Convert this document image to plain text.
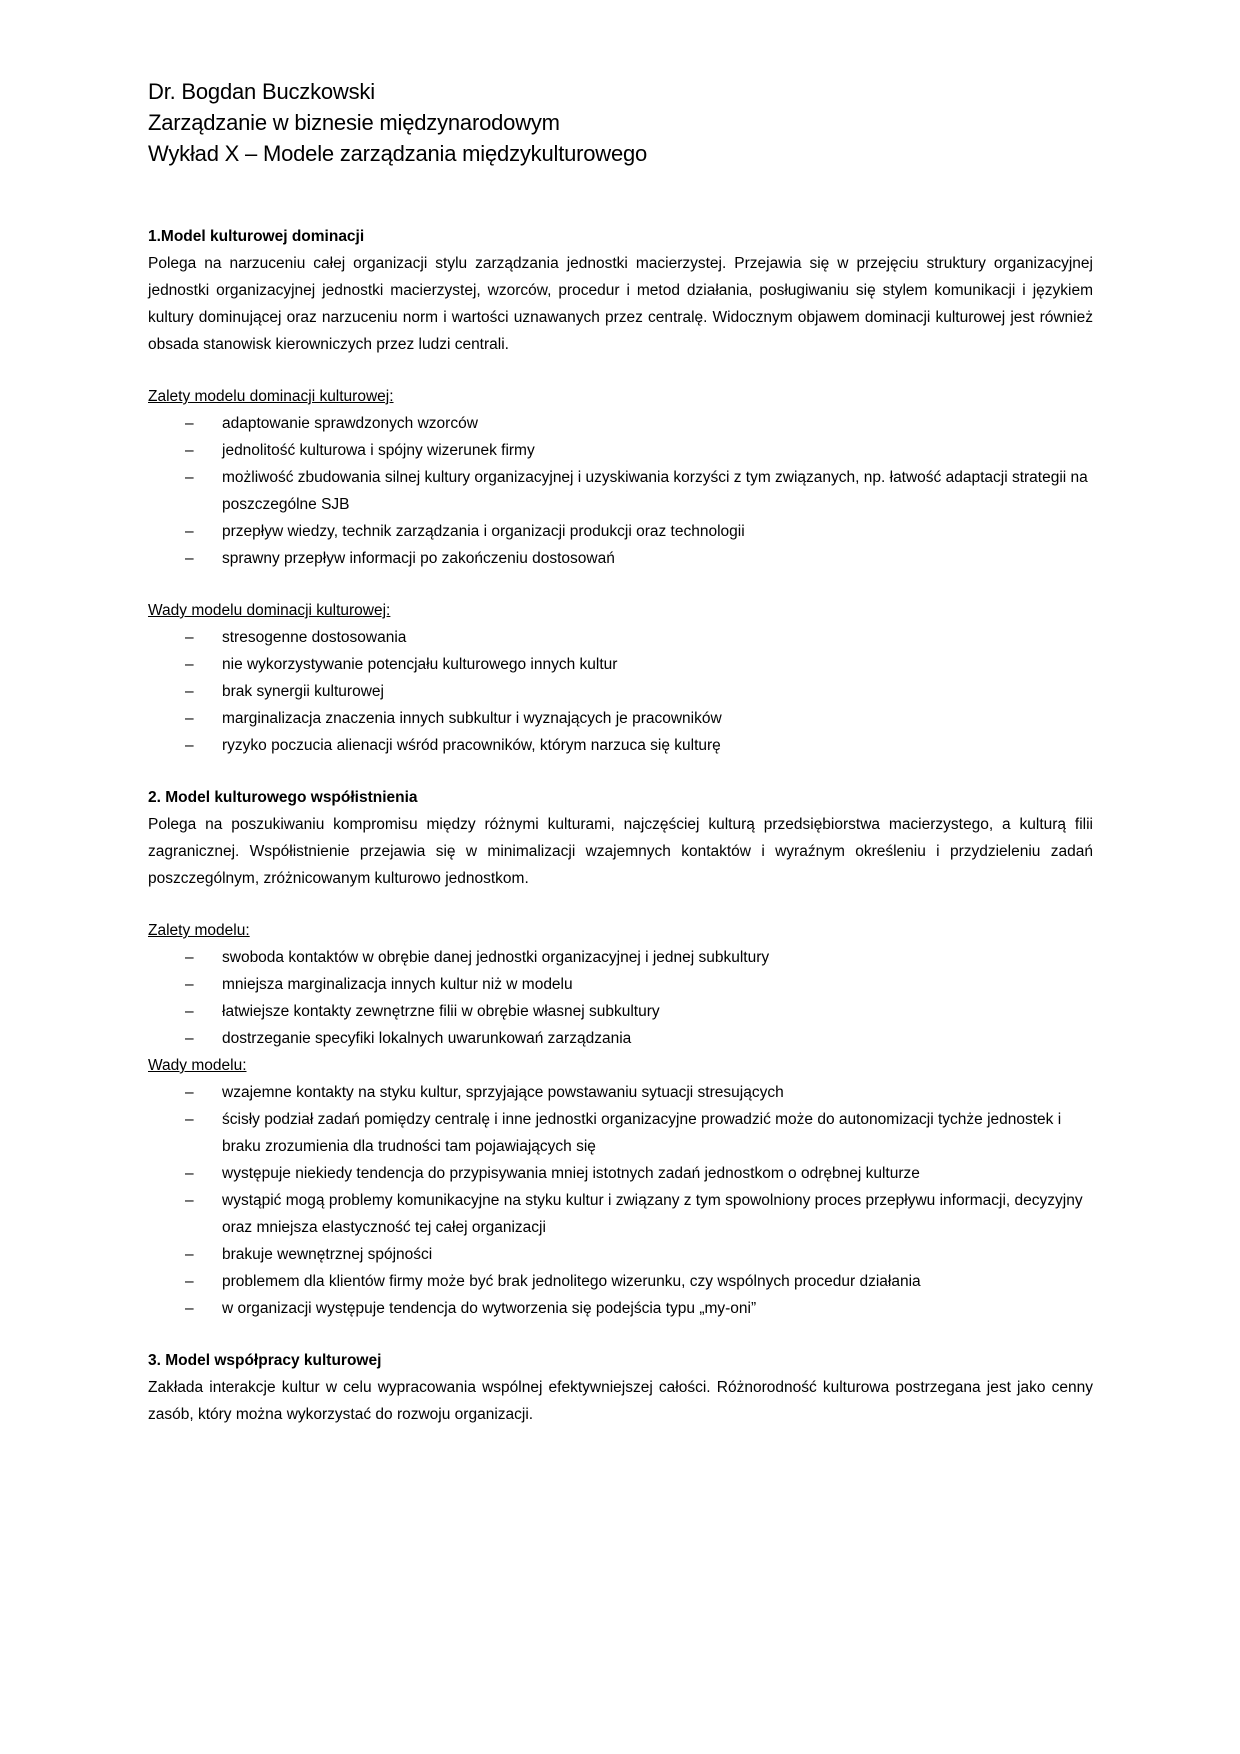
Dr. Bogdan Buczkowski

Zarządzanie w biznesie międzynarodowym

Wykład X – Modele zarządzania międzykulturowego

1.Model kulturowej dominacji

Polega na narzuceniu całej organizacji stylu zarządzania jednostki macierzystej. Przejawia się w przejęciu struktury organizacyjnej jednostki organizacyjnej jednostki macierzystej, wzorców, procedur i metod działania, posługiwaniu się stylem komunikacji i językiem kultury dominującej oraz narzuceniu norm i wartości uznawanych przez centralę. Widocznym objawem dominacji kulturowej jest również obsada stanowisk kierowniczych przez ludzi centrali.

Zalety modelu dominacji kulturowej:

– adaptowanie sprawdzonych wzorców
– jednolitość kulturowa i spójny wizerunek firmy
– możliwość zbudowania silnej kultury organizacyjnej i uzyskiwania korzyści z tym związanych, np. łatwość adaptacji strategii na poszczególne SJB
– przepływ wiedzy, technik zarządzania i organizacji produkcji oraz technologii
– sprawny przepływ informacji po zakończeniu dostosowań

Wady modelu dominacji kulturowej:

– stresogenne dostosowania
– nie wykorzystywanie potencjału kulturowego innych kultur
– brak synergii kulturowej
– marginalizacja znaczenia innych subkultur i wyznających je pracowników
– ryzyko poczucia alienacji wśród pracowników, którym narzuca się kulturę

2. Model kulturowego współistnienia

Polega na poszukiwaniu kompromisu między różnymi kulturami, najczęściej kulturą przedsiębiorstwa macierzystego, a kulturą filii zagranicznej. Współistnienie przejawia się w minimalizacji wzajemnych kontaktów i wyraźnym określeniu i przydzieleniu zadań poszczególnym, zróżnicowanym kulturowo jednostkom.

Zalety modelu:

– swoboda kontaktów w obrębie danej jednostki organizacyjnej i jednej subkultury
– mniejsza marginalizacja innych kultur niż w modelu
– łatwiejsze kontakty zewnętrzne filii w obrębie własnej subkultury
– dostrzeganie specyfiki lokalnych uwarunkowań zarządzania

Wady modelu:

– wzajemne kontakty na styku kultur, sprzyjające powstawaniu sytuacji stresujących
– ścisły podział zadań pomiędzy centralę i inne jednostki organizacyjne prowadzić może do autonomizacji tychże jednostek i braku zrozumienia dla trudności tam pojawiających się
– występuje niekiedy tendencja do przypisywania mniej istotnych zadań jednostkom o odrębnej kulturze
– wystąpić mogą problemy komunikacyjne na styku kultur i związany z tym spowolniony proces przepływu informacji, decyzyjny oraz mniejsza elastyczność tej całej organizacji
– brakuje wewnętrznej spójności
– problemem dla klientów firmy może być brak jednolitego wizerunku, czy wspólnych procedur działania
– w organizacji występuje tendencja do wytworzenia się podejścia typu „my-oni”

3. Model współpracy kulturowej

Zakłada interakcje kultur w celu wypracowania wspólnej efektywniejszej całości. Różnorodność kulturowa postrzegana jest jako cenny zasób, który można wykorzystać do rozwoju organizacji.
